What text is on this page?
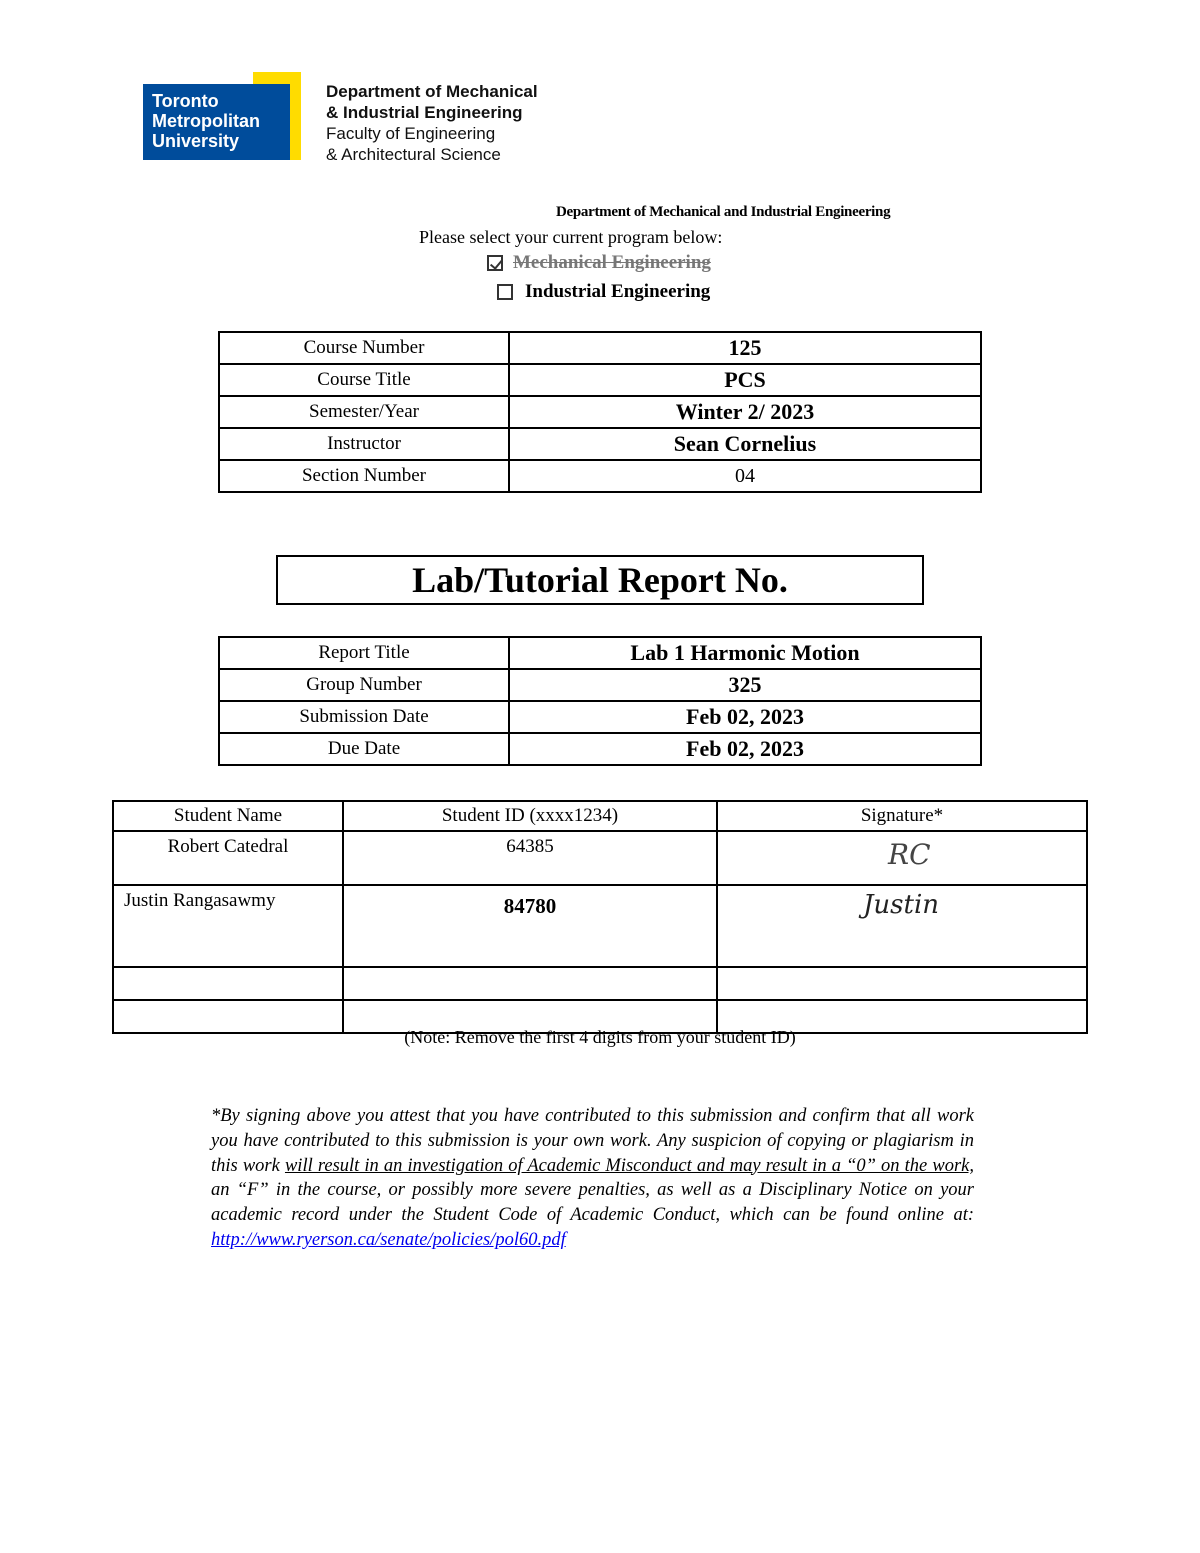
Toronto
Metropolitan
University
Department of Mechanical
& Industrial Engineering
Faculty of Engineering
& Architectural Science
Department of Mechanical and Industrial Engineering
Please select your current program below:
Mechanical Engineering
Industrial Engineering
Course Number	125
Course Title	PCS
Semester/Year	Winter 2/ 2023
Instructor	Sean Cornelius
Section Number	04
Lab/Tutorial Report No.
Report Title	Lab 1 Harmonic Motion
Group Number	325
Submission Date	Feb 02, 2023
Due Date	Feb 02, 2023
Student Name	Student ID (xxxx1234)	Signature*
Robert Catedral	64385	RC
Justin Rangasawmy	84780	Justin

(Note: Remove the first 4 digits from your student ID)
*By signing above you attest that you have contributed to this submission and confirm that all work you have contributed to this submission is your own work. Any suspicion of copying or plagiarism in this work will result in an investigation of Academic Misconduct and may result in a “0” on the work, an “F” in the course, or possibly more severe penalties, as well as a Disciplinary Notice on your academic record under the Student Code of Academic Conduct, which can be found online at: http://www.ryerson.ca/senate/policies/pol60.pdf
